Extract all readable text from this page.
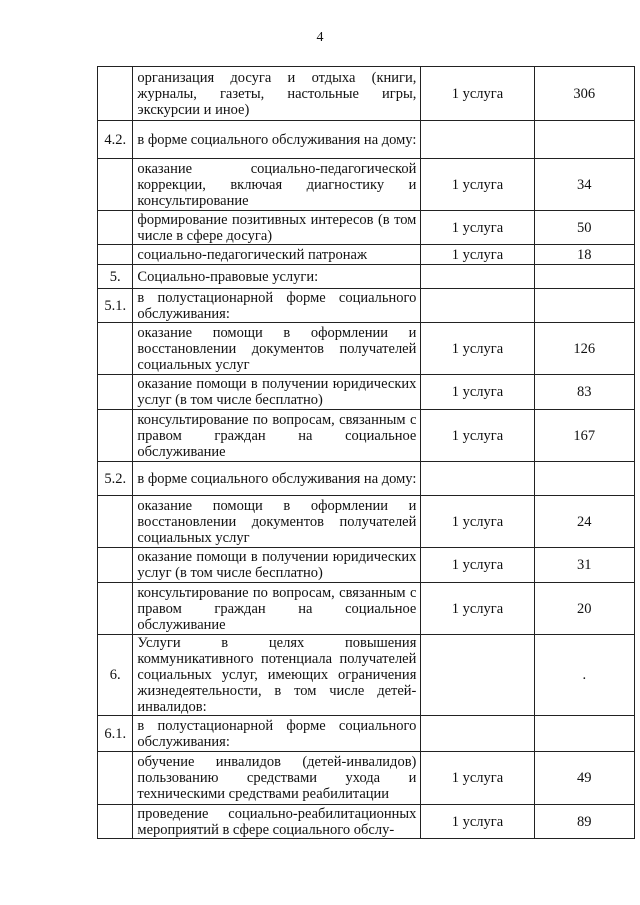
4
	организация досуга и отдыха (книги, журналы, газеты, настольные игры, экскурсии и иное)	1 услуга	306
4.2.	в форме социального обслуживания на дому:		
	оказание социально-педагогической коррекции, включая диагностику и консультирование	1 услуга	34
	формирование позитивных интересов (в том числе в сфере досуга)	1 услуга	50
	социально-педагогический патронаж	1 услуга	18
5.	Социально-правовые услуги:		
5.1.	в полустационарной форме социального обслуживания:		
	оказание помощи в оформлении и восстановлении документов получателей социальных услуг	1 услуга	126
	оказание помощи в получении юридических услуг (в том числе бесплатно)	1 услуга	83
	консультирование по вопросам, связанным с правом граждан на социальное обслуживание	1 услуга	167
5.2.	в форме социального обслуживания на дому:		
	оказание помощи в оформлении и восстановлении документов получателей социальных услуг	1 услуга	24
	оказание помощи в получении юридических услуг (в том числе бесплатно)	1 услуга	31
	консультирование по вопросам, связанным с правом граждан на социальное обслуживание	1 услуга	20
6.	Услуги в целях повышения коммуникативного потенциала получателей социальных услуг, имеющих ограничения жизнедеятельности, в том числе детей-инвалидов:		.
6.1.	в полустационарной форме социального обслуживания:		
	обучение инвалидов (детей-инвалидов) пользованию средствами ухода и техническими средствами реабилитации	1 услуга	49
	проведение социально-реабилитационных мероприятий в сфере социального обслу-	1 услуга	89
